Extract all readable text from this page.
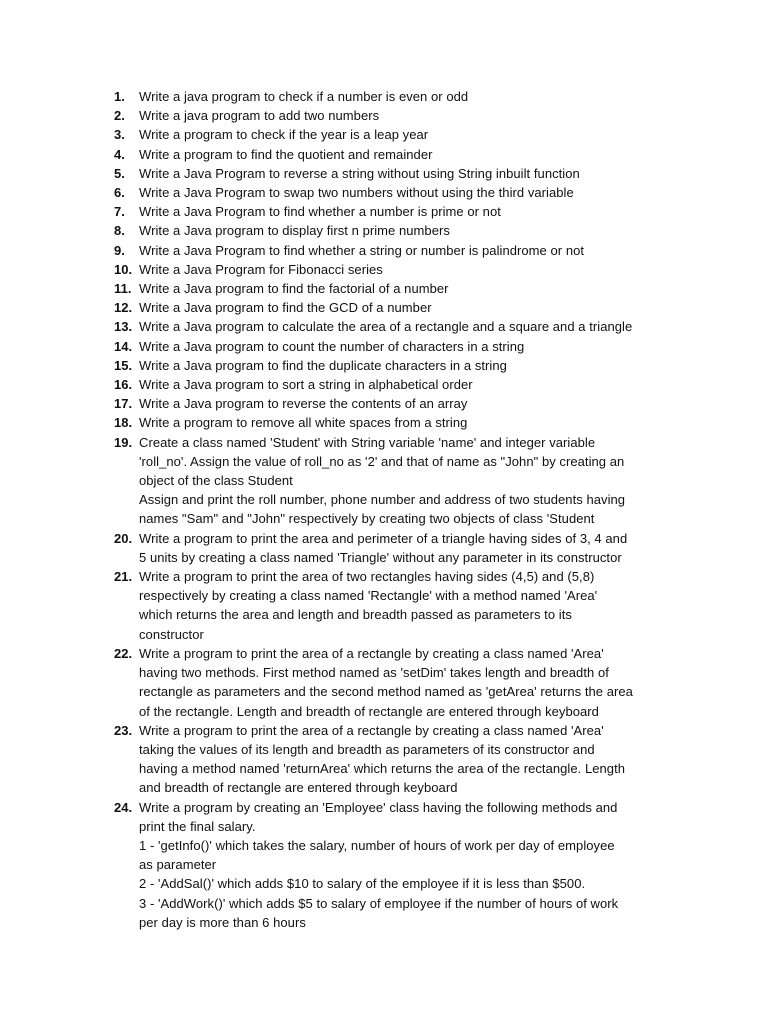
1. Write a java program to check if a number is even or odd
2. Write a java program to add two numbers
3. Write a program to check if the year is a leap year
4. Write a program to find the quotient and remainder
5. Write a Java Program to reverse a string without using String inbuilt function
6. Write a Java Program to swap two numbers without using the third variable
7. Write a Java Program to find whether a number is prime or not
8. Write a Java program to display first n prime numbers
9. Write a Java Program to find whether a string or number is palindrome or not
10. Write a Java Program for Fibonacci series
11. Write a Java program to find the factorial of a number
12. Write a Java program to find the GCD of a number
13. Write a Java program to calculate the area of a rectangle and a square and a triangle
14. Write a Java program to count the number of characters in a string
15. Write a Java program to find the duplicate characters in a string
16. Write a Java program to sort a string in alphabetical order
17. Write a Java program to reverse the contents of an array
18. Write a program to remove all white spaces from a string
19. Create a class named 'Student' with String variable 'name' and integer variable
'roll_no'. Assign the value of roll_no as '2' and that of name as "John" by creating an
object of the class Student
Assign and print the roll number, phone number and address of two students having
names "Sam" and "John" respectively by creating two objects of class 'Student
20. Write a program to print the area and perimeter of a triangle having sides of 3, 4 and
5 units by creating a class named 'Triangle' without any parameter in its constructor
21. Write a program to print the area of two rectangles having sides (4,5) and (5,8)
respectively by creating a class named 'Rectangle' with a method named 'Area'
which returns the area and length and breadth passed as parameters to its
constructor
22. Write a program to print the area of a rectangle by creating a class named 'Area'
having two methods. First method named as 'setDim' takes length and breadth of
rectangle as parameters and the second method named as 'getArea' returns the area
of the rectangle. Length and breadth of rectangle are entered through keyboard
23. Write a program to print the area of a rectangle by creating a class named 'Area'
taking the values of its length and breadth as parameters of its constructor and
having a method named 'returnArea' which returns the area of the rectangle. Length
and breadth of rectangle are entered through keyboard
24. Write a program by creating an 'Employee' class having the following methods and
print the final salary.
1 - 'getInfo()' which takes the salary, number of hours of work per day of employee
as parameter
2 - 'AddSal()' which adds $10 to salary of the employee if it is less than $500.
3 - 'AddWork()' which adds $5 to salary of employee if the number of hours of work
per day is more than 6 hours
